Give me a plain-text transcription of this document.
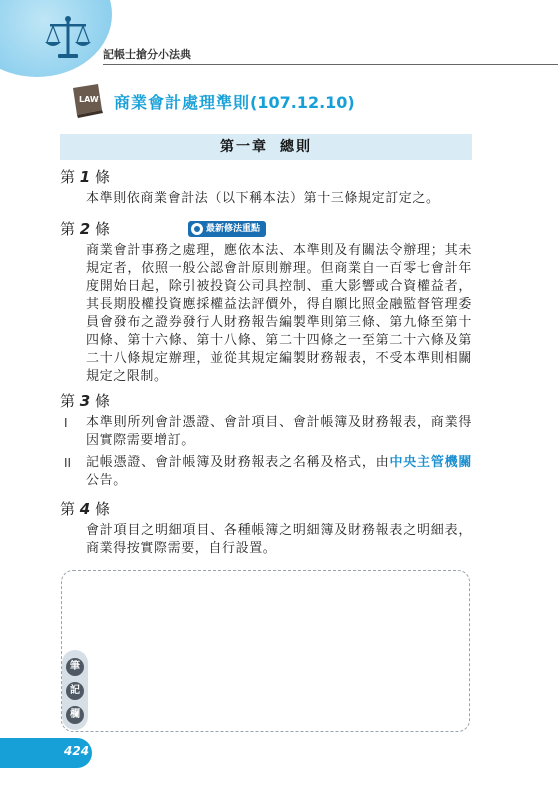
記帳士搶分小法典
LAW 商業會計處理準則(107.12.10)
第一章 總則
第 1 條
本準則依商業會計法（以下稱本法）第十三條規定訂定之。
第 2 條	最新修法重點
商業會計事務之處理，應依本法、本準則及有關法令辦理；其未規定者，依照一般公認會計原則辦理。但商業自一百零七會計年度開始日起，除引被投資公司具控制、重大影響或合資權益者，其長期股權投資應採權益法評價外，得自願比照金融監督管理委員會發布之證券發行人財務報告編製準則第三條、第九條至第十四條、第十六條、第十八條、第二十四條之一至第二十六條及第二十八條規定辦理，並從其規定編製財務報表，不受本準則相關規定之限制。
第 3 條
I 本準則所列會計憑證、會計項目、會計帳簿及財務報表，商業得因實際需要增訂。
II 記帳憑證、會計帳簿及財務報表之名稱及格式，由中央主管機關公告。
第 4 條
會計項目之明細項目、各種帳簿之明細簿及財務報表之明細表，商業得按實際需要，自行設置。
筆
記
欄
424
